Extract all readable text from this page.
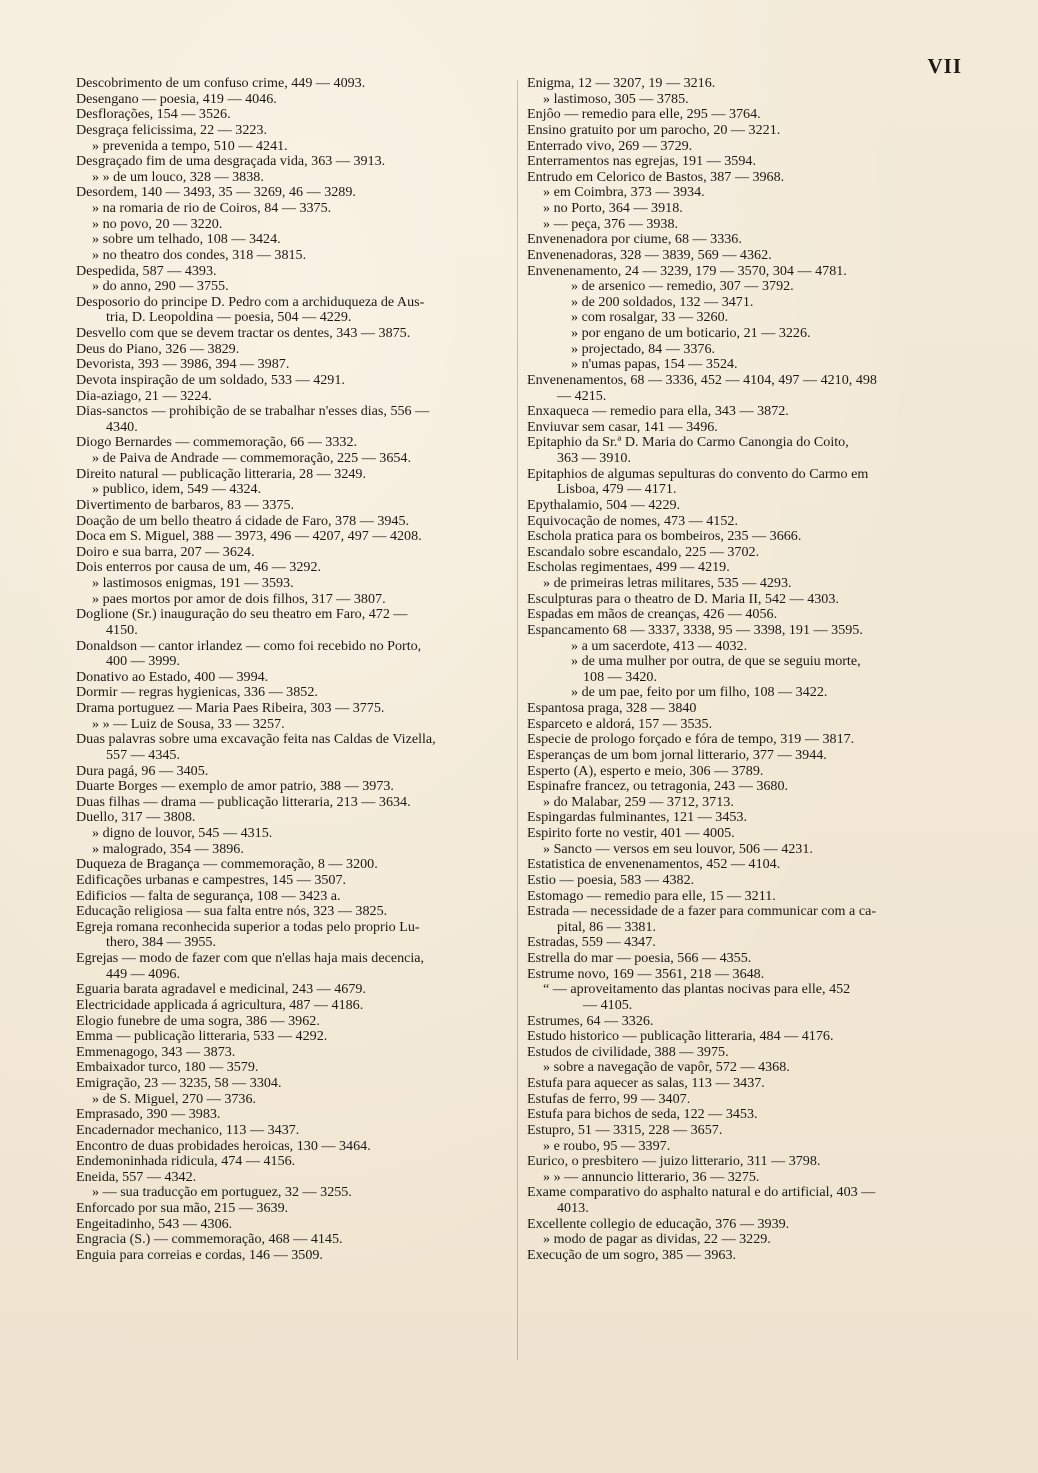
VII
Descobrimento de um confuso crime, 449 — 4093.
Desengano — poesia, 419 — 4046.
Desflorações, 154 — 3526.
Desgraça felicissima, 22 — 3223.
» prevenida a tempo, 510 — 4241.
Desgraçado fim de uma desgraçada vida, 363 — 3913.
» » de um louco, 328 — 3838.
Desordem, 140 — 3493, 35 — 3269, 46 — 3289.
» na romaria de rio de Coiros, 84 — 3375.
» no povo, 20 — 3220.
» sobre um telhado, 108 — 3424.
» no theatro dos condes, 318 — 3815.
Despedida, 587 — 4393.
» do anno, 290 — 3755.
Desposorio do principe D. Pedro com a archiduqueza de Aus-
tria, D. Leopoldina — poesia, 504 — 4229.
Desvello com que se devem tractar os dentes, 343 — 3875.
Deus do Piano, 326 — 3829.
Devorista, 393 — 3986, 394 — 3987.
Devota inspiração de um soldado, 533 — 4291.
Dia-aziago, 21 — 3224.
Dias-sanctos — prohibição de se trabalhar n'esses dias, 556 —
4340.
Diogo Bernardes — commemoração, 66 — 3332.
» de Paiva de Andrade — commemoração, 225 — 3654.
Direito natural — publicação litteraria, 28 — 3249.
» publico, idem, 549 — 4324.
Divertimento de barbaros, 83 — 3375.
Doação de um bello theatro á cidade de Faro, 378 — 3945.
Doca em S. Miguel, 388 — 3973, 496 — 4207, 497 — 4208.
Doiro e sua barra, 207 — 3624.
Dois enterros por causa de um, 46 — 3292.
» lastimosos enigmas, 191 — 3593.
» paes mortos por amor de dois filhos, 317 — 3807.
Doglione (Sr.) inauguração do seu theatro em Faro, 472 —
4150.
Donaldson — cantor irlandez — como foi recebido no Porto,
400 — 3999.
Donativo ao Estado, 400 — 3994.
Dormir — regras hygienicas, 336 — 3852.
Drama portuguez — Maria Paes Ribeira, 303 — 3775.
» » — Luiz de Sousa, 33 — 3257.
Duas palavras sobre uma excavação feita nas Caldas de Vizella,
557 — 4345.
Dura pagá, 96 — 3405.
Duarte Borges — exemplo de amor patrio, 388 — 3973.
Duas filhas — drama — publicação litteraria, 213 — 3634.
Duello, 317 — 3808.
» digno de louvor, 545 — 4315.
» malogrado, 354 — 3896.
Duqueza de Bragança — commemoração, 8 — 3200.
Edificações urbanas e campestres, 145 — 3507.
Edificios — falta de segurança, 108 — 3423 a.
Educação religiosa — sua falta entre nós, 323 — 3825.
Egreja romana reconhecida superior a todas pelo proprio Lu-
thero, 384 — 3955.
Egrejas — modo de fazer com que n'ellas haja mais decencia,
449 — 4096.
Eguaria barata agradavel e medicinal, 243 — 4679.
Electricidade applicada á agricultura, 487 — 4186.
Elogio funebre de uma sogra, 386 — 3962.
Emma — publicação litteraria, 533 — 4292.
Emmenagogo, 343 — 3873.
Embaixador turco, 180 — 3579.
Emigração, 23 — 3235, 58 — 3304.
» de S. Miguel, 270 — 3736.
Emprasado, 390 — 3983.
Encadernador mechanico, 113 — 3437.
Encontro de duas probidades heroicas, 130 — 3464.
Endemoninhada ridicula, 474 — 4156.
Eneida, 557 — 4342.
» — sua traducção em portuguez, 32 — 3255.
Enforcado por sua mão, 215 — 3639.
Engeitadinho, 543 — 4306.
Engracia (S.) — commemoração, 468 — 4145.
Enguia para correias e cordas, 146 — 3509.
Enigma, 12 — 3207, 19 — 3216.
» lastimoso, 305 — 3785.
Enjôo — remedio para elle, 295 — 3764.
Ensino gratuito por um parocho, 20 — 3221.
Enterrado vivo, 269 — 3729.
Enterramentos nas egrejas, 191 — 3594.
Entrudo em Celorico de Bastos, 387 — 3968.
» em Coimbra, 373 — 3934.
» no Porto, 364 — 3918.
» — peça, 376 — 3938.
Envenenadora por ciume, 68 — 3336.
Envenenadoras, 328 — 3839, 569 — 4362.
Envenenamento, 24 — 3239, 179 — 3570, 304 — 4781.
» de arsenico — remedio, 307 — 3792.
» de 200 soldados, 132 — 3471.
» com rosalgar, 33 — 3260.
» por engano de um boticario, 21 — 3226.
» projectado, 84 — 3376.
» n'umas papas, 154 — 3524.
Envenenamentos, 68 — 3336, 452 — 4104, 497 — 4210, 498
— 4215.
Enxaqueca — remedio para ella, 343 — 3872.
Enviuvar sem casar, 141 — 3496.
Epitaphio da Sr.ª D. Maria do Carmo Canongia do Coito,
363 — 3910.
Epitaphios de algumas sepulturas do convento do Carmo em
Lisboa, 479 — 4171.
Epythalamio, 504 — 4229.
Equivocação de nomes, 473 — 4152.
Eschola pratica para os bombeiros, 235 — 3666.
Escandalo sobre escandalo, 225 — 3702.
Escholas regimentaes, 499 — 4219.
» de primeiras letras militares, 535 — 4293.
Esculpturas para o theatro de D. Maria II, 542 — 4303.
Espadas em mãos de creanças, 426 — 4056.
Espancamento 68 — 3337, 3338, 95 — 3398, 191 — 3595.
» a um sacerdote, 413 — 4032.
» de uma mulher por outra, de que se seguiu morte,
108 — 3420.
» de um pae, feito por um filho, 108 — 3422.
Espantosa praga, 328 — 3840
Esparceto e aldorá, 157 — 3535.
Especie de prologo forçado e fóra de tempo, 319 — 3817.
Esperanças de um bom jornal litterario, 377 — 3944.
Esperto (A), esperto e meio, 306 — 3789.
Espinafre francez, ou tetragonia, 243 — 3680.
» do Malabar, 259 — 3712, 3713.
Espingardas fulminantes, 121 — 3453.
Espirito forte no vestir, 401 — 4005.
» Sancto — versos em seu louvor, 506 — 4231.
Estatistica de envenenamentos, 452 — 4104.
Estio — poesia, 583 — 4382.
Estomago — remedio para elle, 15 — 3211.
Estrada — necessidade de a fazer para communicar com a ca-
pital, 86 — 3381.
Estradas, 559 — 4347.
Estrella do mar — poesia, 566 — 4355.
Estrume novo, 169 — 3561, 218 — 3648.
“ — aproveitamento das plantas nocivas para elle, 452
— 4105.
Estrumes, 64 — 3326.
Estudo historico — publicação litteraria, 484 — 4176.
Estudos de civilidade, 388 — 3975.
» sobre a navegação de vapôr, 572 — 4368.
Estufa para aquecer as salas, 113 — 3437.
Estufas de ferro, 99 — 3407.
Estufa para bichos de seda, 122 — 3453.
Estupro, 51 — 3315, 228 — 3657.
» e roubo, 95 — 3397.
Eurico, o presbitero — juizo litterario, 311 — 3798.
» » — annuncio litterario, 36 — 3275.
Exame comparativo do asphalto natural e do artificial, 403 —
4013.
Excellente collegio de educação, 376 — 3939.
» modo de pagar as dividas, 22 — 3229.
Execução de um sogro, 385 — 3963.
